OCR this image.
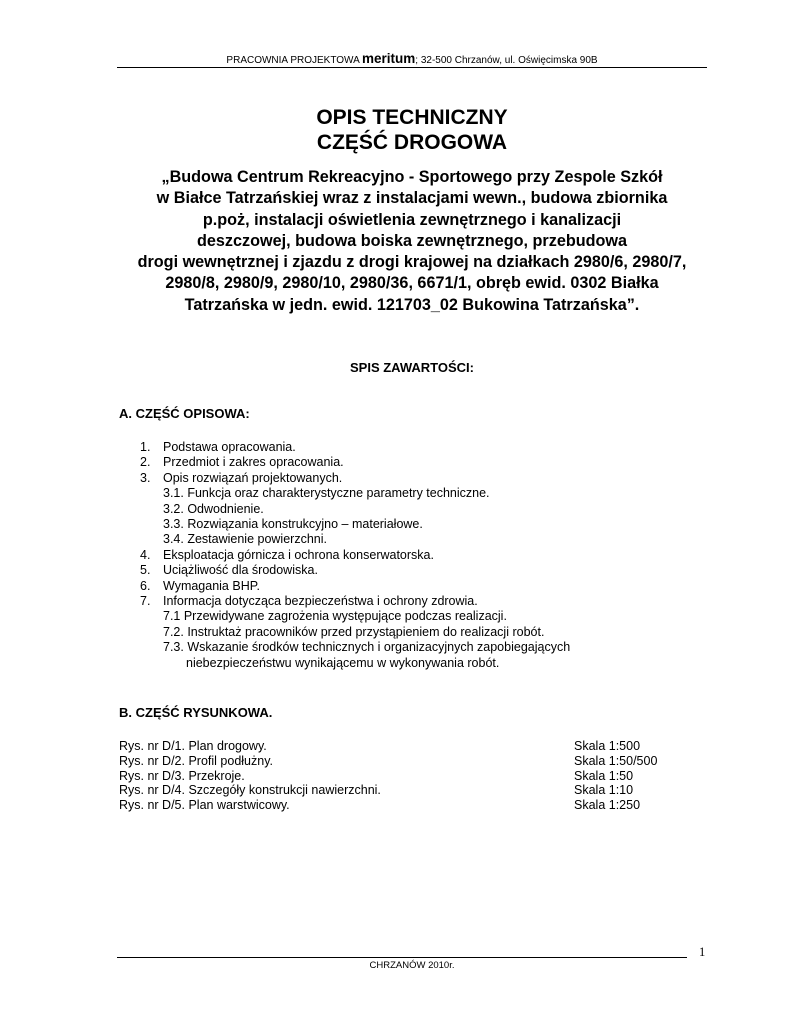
PRACOWNIA PROJEKTOWA meritum; 32-500 Chrzanów, ul. Oświęcimska 90B
OPIS TECHNICZNY
CZĘŚĆ DROGOWA
„Budowa Centrum Rekreacyjno - Sportowego przy Zespole Szkół
w Białce Tatrzańskiej wraz z instalacjami wewn., budowa zbiornika
p.poż, instalacji oświetlenia zewnętrznego i kanalizacji
deszczowej, budowa boiska zewnętrznego, przebudowa
drogi wewnętrznej i zjazdu z drogi krajowej na działkach 2980/6, 2980/7,
2980/8, 2980/9, 2980/10, 2980/36, 6671/1, obręb ewid. 0302 Białka
Tatrzańska w jedn. ewid. 121703_02 Bukowina Tatrzańska”.
SPIS ZAWARTOŚCI:
A. CZĘŚĆ OPISOWA:
1. Podstawa opracowania.
2. Przedmiot i zakres opracowania.
3. Opis rozwiązań projektowanych.
3.1. Funkcja oraz charakterystyczne parametry techniczne.
3.2. Odwodnienie.
3.3. Rozwiązania konstrukcyjno – materiałowe.
3.4. Zestawienie powierzchni.
4. Eksploatacja górnicza i ochrona konserwatorska.
5. Uciążliwość dla środowiska.
6. Wymagania BHP.
7. Informacja dotycząca bezpieczeństwa i ochrony zdrowia.
7.1 Przewidywane zagrożenia występujące podczas realizacji.
7.2. Instruktaż pracowników przed przystąpieniem do realizacji robót.
7.3. Wskazanie środków technicznych i organizacyjnych zapobiegających
niebezpieczeństwu wynikającemu w wykonywania robót.
B. CZĘŚĆ RYSUNKOWA.
Rys. nr D/1. Plan drogowy.	Skala 1:500
Rys. nr D/2. Profil podłużny.	Skala 1:50/500
Rys. nr D/3. Przekroje.	Skala 1:50
Rys. nr D/4. Szczegóły konstrukcji nawierzchni.	Skala 1:10
Rys. nr D/5. Plan warstwicowy.	Skala 1:250
1
CHRZANÓW 2010r.
